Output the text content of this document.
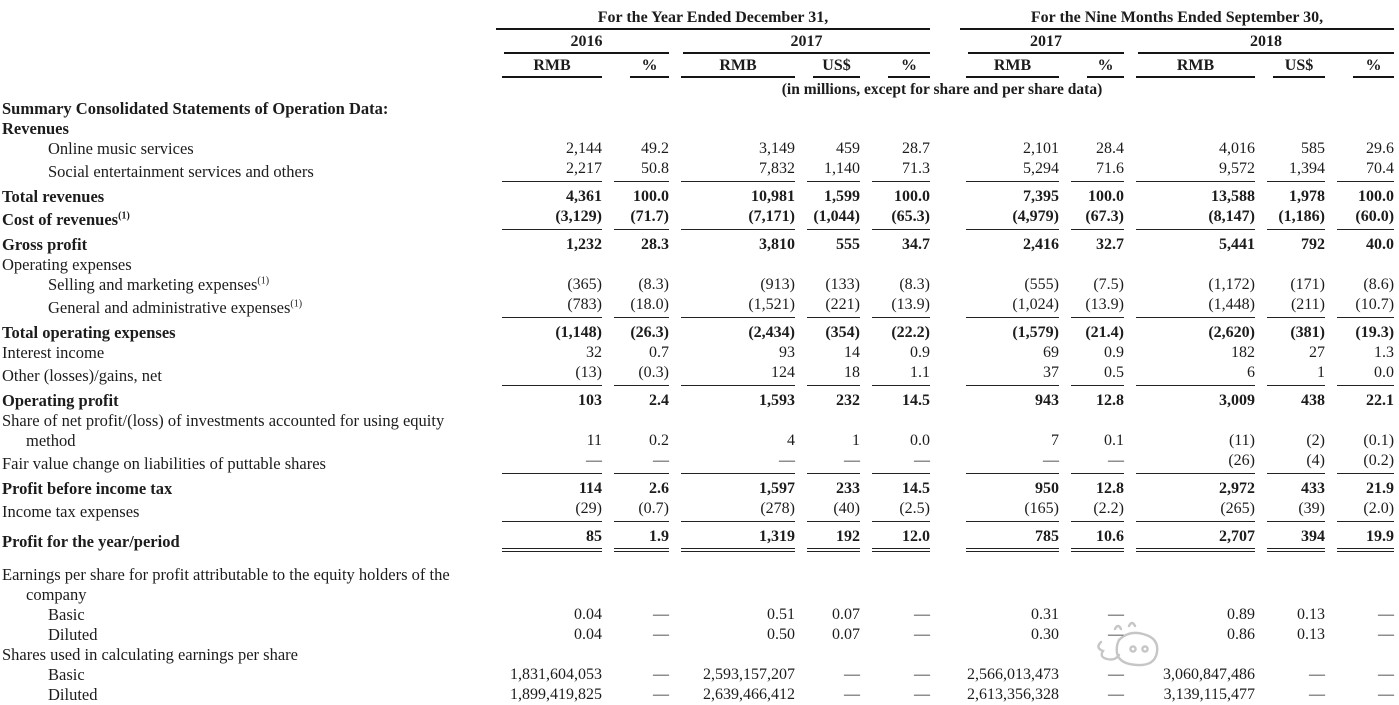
	For the Year Ended December 31,						For the Nine Months Ended September 30,				

	2016		2017				2017		2018		

	RMB	%	RMB	US$	%		RMB	%	RMB	US$	%

	(in millions, except for share and per share data)										

Summary Consolidated Statements of Operation Data:	

Revenues	

Online music services	2,144	49.2	3,149	459	28.7		2,101	28.4	4,016	585	29.6

Social entertainment services and others	2,217	50.8	7,832	1,140	71.3		5,294	71.6	9,572	1,394	70.4

Total revenues	4,361	100.0	10,981	1,599	100.0		7,395	100.0	13,588	1,978	100.0

Cost of revenues$^{(1)}$	(3,129)	(71.7)	(7,171)	(1,044)	(65.3)		(4,979)	(67.3)	(8,147)	(1,186)	(60.0)

Gross profit	1,232	28.3	3,810	555	34.7		2,416	32.7	5,441	792	40.0

Operating expenses	

Selling and marketing expenses$^{(1)}$	(365)	(8.3)	(913)	(133)	(8.3)		(555)	(7.5)	(1,172)	(171)	(8.6)

General and administrative expenses$^{(1)}$	(783)	(18.0)	(1,521)	(221)	(13.9)		(1,024)	(13.9)	(1,448)	(211)	(10.7)

Total operating expenses	(1,148)	(26.3)	(2,434)	(354)	(22.2)		(1,579)	(21.4)	(2,620)	(381)	(19.3)

Interest income	32	0.7	93	14	0.9		69	0.9	182	27	1.3

Other (losses)/gains, net	(13)	(0.3)	124	18	1.1		37	0.5	6	1	0.0

Operating profit	103	2.4	1,593	232	14.5		943	12.8	3,009	438	22.1

Share of net profit/(loss) of investments accounted for using equity
method	11	0.2	4	1	0.0		7	0.1	(11)	(2)	(0.1)

Fair value change on liabilities of puttable shares	—	—	—	—	—		—	—	(26)	(4)	(0.2)

Profit before income tax	114	2.6	1,597	233	14.5		950	12.8	2,972	433	21.9

Income tax expenses	(29)	(0.7)	(278)	(40)	(2.5)		(165)	(2.2)	(265)	(39)	(2.0)

Profit for the year/period	85	1.9	1,319	192	12.0		785	10.6	2,707	394	19.9

Earnings per share for profit attributable to the equity holders of the
company	

Basic	0.04	—	0.51	0.07	—		0.31	—	0.89	0.13	—

Diluted	0.04	—	0.50	0.07	—		0.30	—	0.86	0.13	—

Shares used in calculating earnings per share	

Basic	1,831,604,053	—	2,593,157,207	—	—		2,566,013,473	—	3,060,847,486	—	—

Diluted	1,899,419,825	—	2,639,466,412	—	—		2,613,356,328	—	3,139,115,477	—	—
